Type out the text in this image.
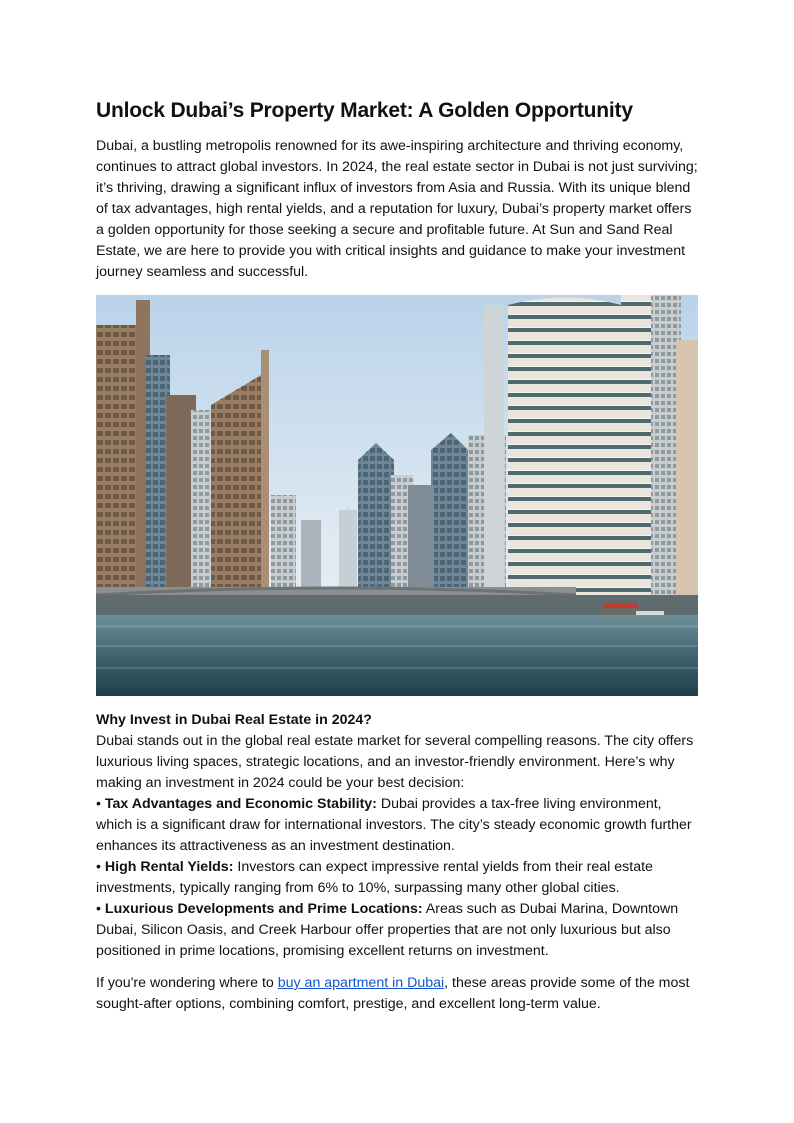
Unlock Dubai’s Property Market: A Golden Opportunity

Dubai, a bustling metropolis renowned for its awe-inspiring architecture and thriving economy, continues to attract global investors. In 2024, the real estate sector in Dubai is not just surviving; it’s thriving, drawing a significant influx of investors from Asia and Russia. With its unique blend of tax advantages, high rental yields, and a reputation for luxury, Dubai’s property market offers a golden opportunity for those seeking a secure and profitable future. At Sun and Sand Real Estate, we are here to provide you with critical insights and guidance to make your investment journey seamless and successful.

Why Invest in Dubai Real Estate in 2024?

Dubai stands out in the global real estate market for several compelling reasons. The city offers luxurious living spaces, strategic locations, and an investor-friendly environment. Here’s why making an investment in 2024 could be your best decision:

• Tax Advantages and Economic Stability: Dubai provides a tax-free living environment, which is a significant draw for international investors. The city’s steady economic growth further enhances its attractiveness as an investment destination.

• High Rental Yields: Investors can expect impressive rental yields from their real estate investments, typically ranging from 6% to 10%, surpassing many other global cities.

• Luxurious Developments and Prime Locations: Areas such as Dubai Marina, Downtown Dubai, Silicon Oasis, and Creek Harbour offer properties that are not only luxurious but also positioned in prime locations, promising excellent returns on investment.

If you're wondering where to buy an apartment in Dubai, these areas provide some of the most sought-after options, combining comfort, prestige, and excellent long-term value.
